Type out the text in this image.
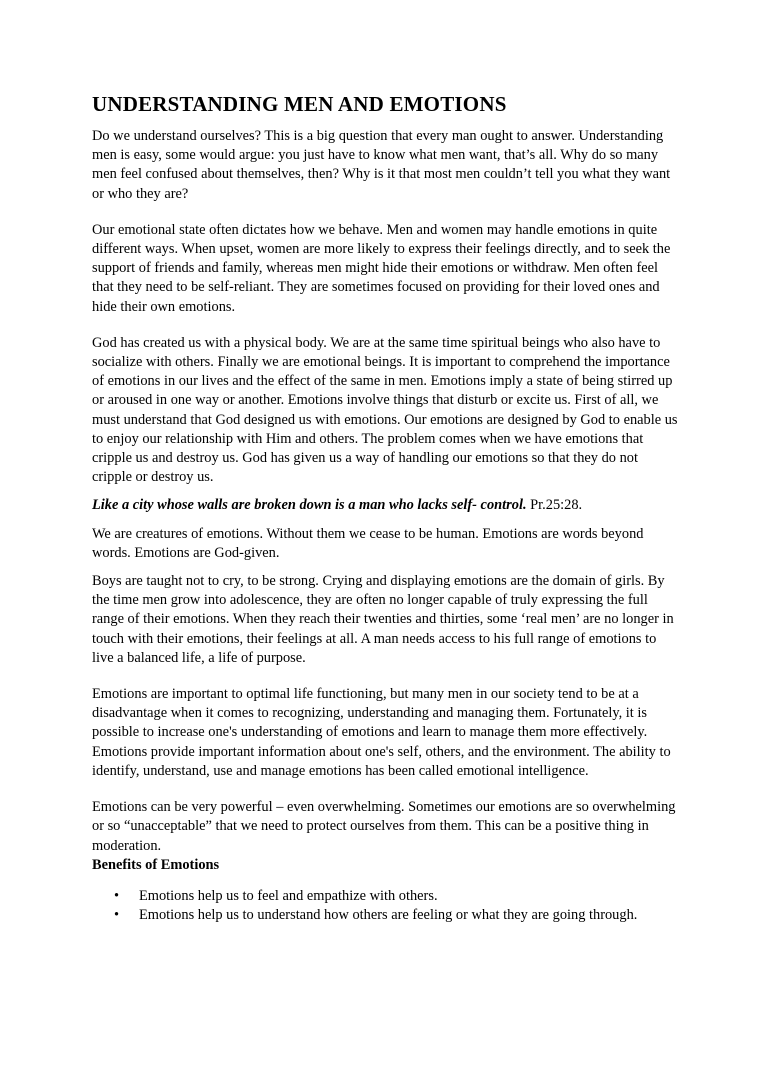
UNDERSTANDING MEN AND EMOTIONS
Do we understand ourselves? This is a big question that every man ought to answer. Understanding men is easy, some would argue: you just have to know what men want, that’s all. Why do so many men feel confused about themselves, then? Why is it that most men couldn’t tell you what they want or who they are?
Our emotional state often dictates how we behave. Men and women may handle emotions in quite different ways. When upset, women are more likely to express their feelings directly, and to seek the support of friends and family, whereas men might hide their emotions or withdraw. Men often feel that they need to be self-reliant. They are sometimes focused on providing for their loved ones and hide their own emotions.
God has created us with a physical body. We are at the same time spiritual beings who also have to socialize with others. Finally we are emotional beings. It is important to comprehend the importance of emotions in our lives and the effect of the same in men. Emotions imply a state of being stirred up or aroused in one way or another. Emotions involve things that disturb or excite us. First of all, we must understand that God designed us with emotions. Our emotions are designed by God to enable us to enjoy our relationship with Him and others. The problem comes when we have emotions that cripple us and destroy us. God has given us a way of handling our emotions so that they do not cripple or destroy us.
Like a city whose walls are broken down is a man who lacks self- control. Pr.25:28.
We are creatures of emotions. Without them we cease to be human. Emotions are words beyond words. Emotions are God-given.
Boys are taught not to cry, to be strong. Crying and displaying emotions are the domain of girls. By the time men grow into adolescence, they are often no longer capable of truly expressing the full range of their emotions. When they reach their twenties and thirties, some ‘real men’ are no longer in touch with their emotions, their feelings at all. A man needs access to his full range of emotions to live a balanced life, a life of purpose.
Emotions are important to optimal life functioning, but many men in our society tend to be at a disadvantage when it comes to recognizing, understanding and managing them. Fortunately, it is possible to increase one's understanding of emotions and learn to manage them more effectively. Emotions provide important information about one's self, others, and the environment. The ability to identify, understand, use and manage emotions has been called emotional intelligence.
Emotions can be very powerful – even overwhelming. Sometimes our emotions are so overwhelming or so “unacceptable” that we need to protect ourselves from them. This can be a positive thing in moderation.
Benefits of Emotions
•	Emotions help us to feel and empathize with others.
•	Emotions help us to understand how others are feeling or what they are going through.
